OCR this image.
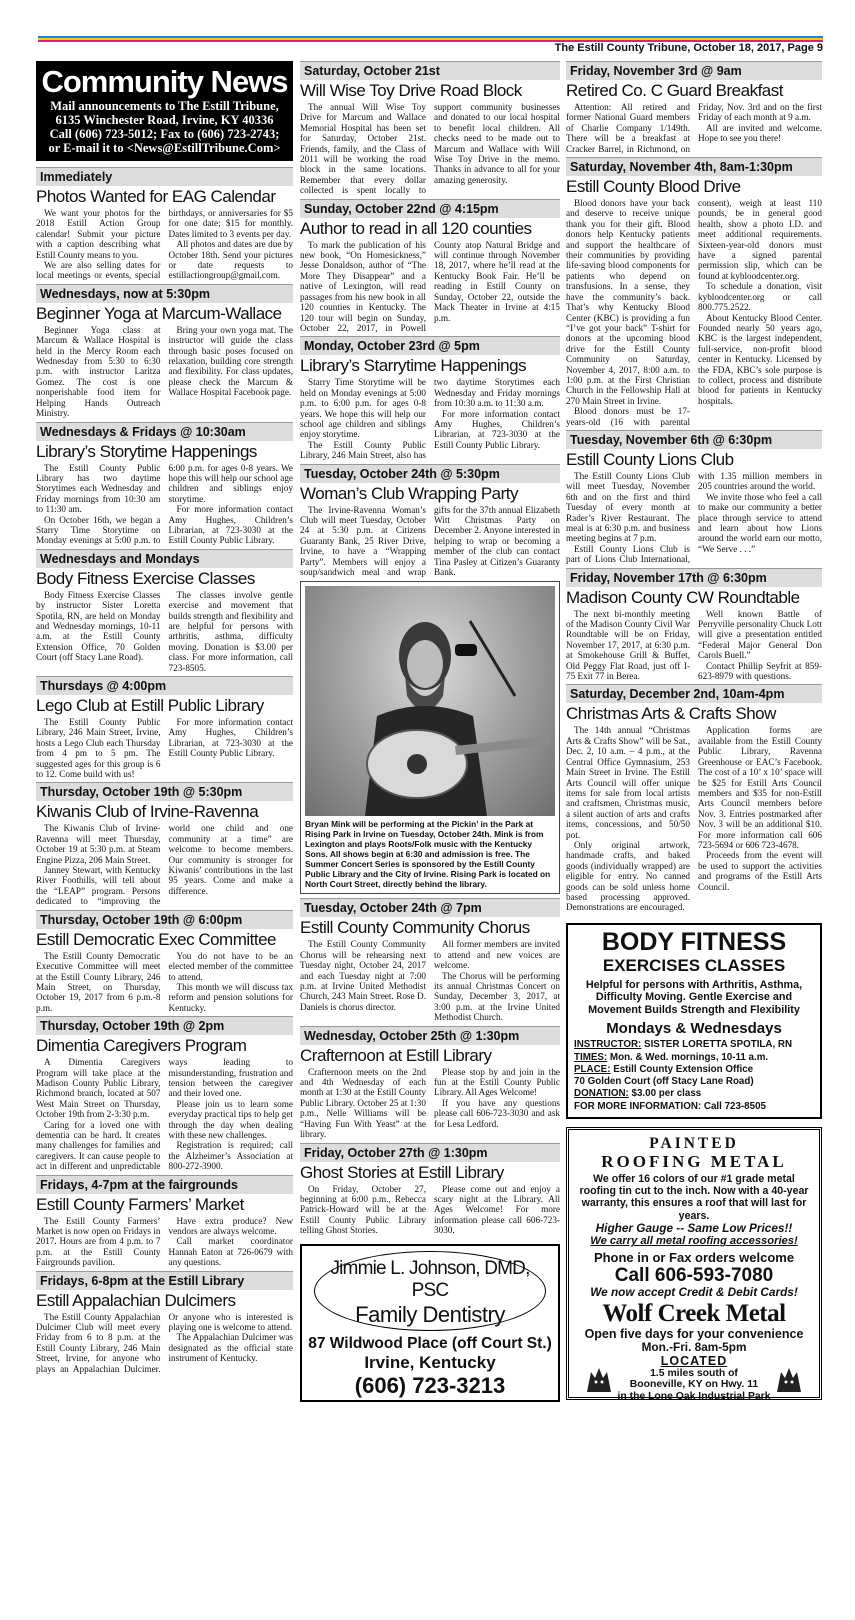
The Estill County Tribune, October 18, 2017, Page 9
Community News

Mail announcements to The Estill Tribune,

6135 Winchester Road, Irvine, KY 40336

Call (606) 723-5012; Fax to (606) 723-2743;

or E-mail it to <News@EstillTribune.Com>

Immediately
Photos Wanted for EAG Calendar

We want your photos for the 2018 Estill Action Group calendar! Submit your picture with a caption describing what Estill County means to you.

We are also selling dates for local meetings or events, special birthdays, or anniversaries for $5 for one date; $15 for monthly. Dates limited to 3 events per day.

All photos and dates are due by October 18th. Send your pictures or date requests to estillactiongroup@gmail.com.

Wednesdays, now at 5:30pm
Beginner Yoga at Marcum-Wallace

Beginner Yoga class at Marcum & Wallace Hospital is held in the Mercy Room each Wednesday from 5:30 to 6:30 p.m. with instructor Laritza Gomez. The cost is one nonperishable food item for Helping Hands Outreach Ministry.

Bring your own yoga mat. The instructor will guide the class through basic poses focused on relaxation, building core strength and flexibility. For class updates, please check the Marcum & Wallace Hospital Facebook page.

Wednesdays & Fridays @ 10:30am
Library’s Storytime Happenings

The Estill County Public Library has two daytime Storytimes each Wednesday and Friday mornings from 10:30 am to 11:30 am.

On October 16th, we began a Starry Time Storytime on Monday evenings at 5:00 p.m. to 6:00 p.m. for ages 0-8 years. We hope this will help our school age children and siblings enjoy storytime.

For more information contact Amy Hughes, Children’s Librarian, at 723-3030 at the Estill County Public Library.

Wednesdays and Mondays
Body Fitness Exercise Classes

Body Fitness Exercise Classes by instructor Sister Loretta Spotila, RN, are held on Monday and Wednesday mornings, 10-11 a.m. at the Estill County Extension Office, 70 Golden Court (off Stacy Lane Road).

The classes involve gentle exercise and movement that builds strength and flexibility and are helpful for persons with arthritis, asthma, difficulty moving. Donation is $3.00 per class. For more information, call 723-8505.

Thursdays @ 4:00pm
Lego Club at Estill Public Library

The Estill County Public Library, 246 Main Street, Irvine, hosts a Lego Club each Thursday from 4 pm to 5 pm. The suggested ages for this group is 6 to 12. Come build with us!

For more information contact Amy Hughes, Children’s Librarian, at 723-3030 at the Estill County Public Library.

Thursday, October 19th @ 5:30pm
Kiwanis Club of Irvine-Ravenna

The Kiwanis Club of Irvine-Ravenna will meet Thursday, October 19 at 5:30 p.m. at Steam Engine Pizza, 206 Main Street.

Janney Stewart, with Kentucky River Foothills, will tell about the “LEAP” program. Persons dedicated to “improving the world one child and one community at a time” are welcome to become members. Our community is stronger for Kiwanis’ contributions in the last 95 years. Come and make a difference.

Thursday, October 19th @ 6:00pm
Estill Democratic Exec Committee

The Estill County Democratic Executive Committee will meet at the Estill County Library, 246 Main Street, on Thursday, October 19, 2017 from 6 p.m.-8 p.m.

You do not have to be an elected member of the committee to attend.

This month we will discuss tax reform and pension solutions for Kentucky.

Thursday, October 19th @ 2pm
Dimentia Caregivers Program

A Dimentia Caregivers Program will take place at the Madison County Public Library, Richmond branch, located at 507 West Main Street on Thursday, October 19th from 2-3:30 p.m.

Caring for a loved one with dementia can be hard. It creates many challenges for families and caregivers. It can cause people to act in different and unpredictable ways leading to misunderstanding, frustration and tension between the caregiver and their loved one.

Please join us to learn some everyday practical tips to help get through the day when dealing with these new challenges.

Registration is required; call the Alzheimer’s Association at 800-272-3900.

Fridays, 4-7pm at the fairgrounds
Estill County Farmers’ Market

The Estill County Farmers’ Market is now open on Fridays in 2017. Hours are from 4 p.m. to 7 p.m. at the Estill County Fairgrounds pavilion.

Have extra produce? New vendors are always welcome.

Call market coordinator Hannah Eaton at 726-0679 with any questions.

Fridays, 6-8pm at the Estill Library
Estill Appalachian Dulcimers

The Estill County Appalachian Dulcimer Club will meet every Friday from 6 to 8 p.m. at the Estill County Library, 246 Main Street, Irvine, for anyone who plays an Appalachian Dulcimer. Or anyone who is interested is playing one is welcome to attend.

The Appalachian Dulcimer was designated as the official state instrument of Kentucky.

Saturday, October 21st
Will Wise Toy Drive Road Block

The annual Will Wise Toy Drive for Marcum and Wallace Memorial Hospital has been set for Saturday, October 21st. Friends, family, and the Class of 2011 will be working the road block in the same locations. Remember that every dollar collected is spent locally to support community businesses and donated to our local hospital to benefit local children. All checks need to be made out to Marcum and Wallace with Will Wise Toy Drive in the memo. Thanks in advance to all for your amazing generosity.

Sunday, October 22nd @ 4:15pm
Author to read in all 120 counties

To mark the publication of his new book, “On Homesickness,” Jesse Donaldson, author of “The More They Disappear” and a native of Lexington, will read passages from his new book in all 120 counties in Kentucky. The 120 tour will begin on Sunday, October 22, 2017, in Powell County atop Natural Bridge and will continue through November 18, 2017, where he’ll read at the Kentucky Book Fair. He’ll be reading in Estill County on Sunday, October 22, outside the Mack Theater in Irvine at 4:15 p.m.

Monday, October 23rd @ 5pm
Library’s Starrytime Happenings

Starry Time Storytime will be held on Monday evenings at 5:00 p.m. to 6:00 p.m. for ages 0-8 years. We hope this will help our school age children and siblings enjoy storytime.

The Estill County Public Library, 246 Main Street, also has two daytime Storytimes each Wednesday and Friday mornings from 10:30 a.m. to 11:30 a.m.

For more information contact Amy Hughes, Children’s Librarian, at 723-3030 at the Estill County Public Library.

Tuesday, October 24th @ 5:30pm
Woman’s Club Wrapping Party

The Irvine-Ravenna Woman’s Club will meet Tuesday, October 24 at 5:30 p.m. at Citizens Guaranty Bank, 25 River Drive, Irvine, to have a “Wrapping Party”. Members will enjoy a soup/sandwich meal and wrap gifts for the 37th annual Elizabeth Witt Christmas Party on December 2. Anyone interested in helping to wrap or becoming a member of the club can contact Tina Pasley at Citizen’s Guaranty Bank.

Bryan Mink will be performing at the Pickin’ in the Park at Rising Park in Irvine on Tuesday, October 24th. Mink is from Lexington and plays Roots/Folk music with the Kentucky Sons. All shows begin at 6:30 and admission is free. The Summer Concert Series is sponsored by the Estill County Public Library and the City of Irvine. Rising Park is located on North Court Street, directly behind the library.
Tuesday, October 24th @ 7pm
Estill County Community Chorus

The Estill County Community Chorus will be rehearsing next Tuesday night, October 24, 2017 and each Tuesday night at 7:00 p.m. at Irvine United Methodist Church, 243 Main Street. Rose D. Daniels is chorus director.

All former members are invited to attend and new voices are welcome.

The Chorus will be performing its annual Christmas Concert on Sunday, December 3, 2017, at 3:00 p.m. at the Irvine United Methodist Church.

Wednesday, October 25th @ 1:30pm
Crafternoon at Estill Library

Crafternoon meets on the 2nd and 4th Wednesday of each month at 1:30 at the Estill County Public Library. October 25 at 1:30 p.m., Nelle Williams will be “Having Fun With Yeast” at the library.

Please stop by and join in the fun at the Estill County Public Library. All Ages Welcome!

If you have any questions please call 606-723-3030 and ask for Lesa Ledford.

Friday, October 27th @ 1:30pm
Ghost Stories at Estill Library

On Friday, October 27, beginning at 6:00 p.m., Rebecca Patrick-Howard will be at the Estill County Public Library telling Ghost Stories.

Please come out and enjoy a scary night at the Library. All Ages Welcome! For more information please call 606-723-3030.

Jimmie L. Johnson, DMD, PSC
Family Dentistry
87 Wildwood Place (off Court St.)
Irvine, Kentucky
(606) 723-3213
Friday, November 3rd @ 9am
Retired Co. C Guard Breakfast

Attention: All retired and former National Guard members of Charlie Company 1/149th. There will be a breakfast at Cracker Barrel, in Richmond, on Friday, Nov. 3rd and on the first Friday of each month at 9 a.m.

All are invited and welcome. Hope to see you there!

Saturday, November 4th, 8am-1:30pm
Estill County Blood Drive

Blood donors have your back and deserve to receive unique thank you for their gift. Blood donors help Kentucky patients and support the healthcare of their communities by providing life-saving blood components for patients who depend on transfusions. In a sense, they have the community’s back. That’s why Kentucky Blood Center (KBC) is providing a fun “I’ve got your back” T-shirt for donors at the upcoming blood drive for the Estill County Community on Saturday, November 4, 2017, 8:00 a.m. to 1:00 p.m. at the First Christian Church in the Fellowship Hall at 270 Main Street in Irvine.

Blood donors must be 17-years-old (16 with parental consent), weigh at least 110 pounds, be in general good health, show a photo I.D. and meet additional requirements. Sixteen-year-old donors must have a signed parental permission slip, which can be found at kybloodcenter.org.

To schedule a donation, visit kybloodcenter.org or call 800.775.2522.

About Kentucky Blood Center. Founded nearly 50 years ago, KBC is the largest independent, full-service, non-profit blood center in Kentucky. Licensed by the FDA, KBC’s sole purpose is to collect, process and distribute blood for patients in Kentucky hospitals.

Tuesday, November 6th @ 6:30pm
Estill County Lions Club

The Estill County Lions Club will meet Tuesday, November 6th and on the first and third Tuesday of every month at Rader’s River Restaurant. The meal is at 6:30 p.m. and business meeting begins at 7 p.m.

Estill County Lions Club is part of Lions Club International, with 1.35 million members in 205 countries around the world.

We invite those who feel a call to make our community a better place through service to attend and learn about how Lions around the world earn our motto, “We Serve . . .”

Friday, November 17th @ 6:30pm
Madison County CW Roundtable

The next bi-monthly meeting of the Madison County Civil War Roundtable will be on Friday, November 17, 2017, at 6:30 p.m. at Smokehouse Grill & Buffet, Old Peggy Flat Road, just off I-75 Exit 77 in Berea.

Well known Battle of Perryville personality Chuck Lott will give a presentation entitled “Federal Major General Don Carols Buell.”

Contact Phillip Seyfrit at 859-623-8979 with questions.

Saturday, December 2nd, 10am-4pm
Christmas Arts & Crafts Show

The 14th annual “Christmas Arts & Crafts Show” will be Sat., Dec. 2, 10 a.m. – 4 p.m., at the Central Office Gymnasium, 253 Main Street in Irvine. The Estill Arts Council will offer unique items for sale from local artists and craftsmen, Christmas music, a silent auction of arts and crafts items, concessions, and 50/50 pot.

Only original artwork, handmade crafts, and baked goods (individually wrapped) are eligible for entry. No canned goods can be sold unless home based processing approved. Demonstrations are encouraged.

Application forms are available from the Estill County Public Library, Ravenna Greenhouse or EAC’s Facebook. The cost of a 10’ x 10’ space will be $25 for Estill Arts Council members and $35 for non-Estill Arts Council members before Nov. 3. Entries postmarked after Nov. 3 will be an additional $10. For more information call 606 723-5694 or 606 723-4678.

Proceeds from the event will be used to support the activities and programs of the Estill Arts Council.

BODY FITNESS
EXERCISES CLASSES
Helpful for persons with Arthritis, Asthma, Difficulty Moving. Gentle Exercise and Movement Builds Strength and Flexibility
Mondays & Wednesdays
INSTRUCTOR: SISTER LORETTA SPOTILA, RN
TIMES: Mon. & Wed. mornings, 10-11 a.m.
PLACE: Estill County Extension Office
70 Golden Court (off Stacy Lane Road)
DONATION: $3.00 per class
FOR MORE INFORMATION: Call 723-8505
PAINTED
ROOFING METAL
We offer 16 colors of our #1 grade metal roofing tin cut to the inch. Now with a 40-year warranty, this ensures a roof that will last for years.
Higher Gauge -- Same Low Prices!!
We carry all metal roofing accessories!
Phone in or Fax orders welcome
Call 606-593-7080
We now accept Credit & Debit Cards!
Wolf Creek Metal
Open five days for your convenience
Mon.-Fri. 8am-5pm
LOCATED
1.5 miles south of
Booneville, KY on Hwy. 11
in the Lone Oak Industrial Park
